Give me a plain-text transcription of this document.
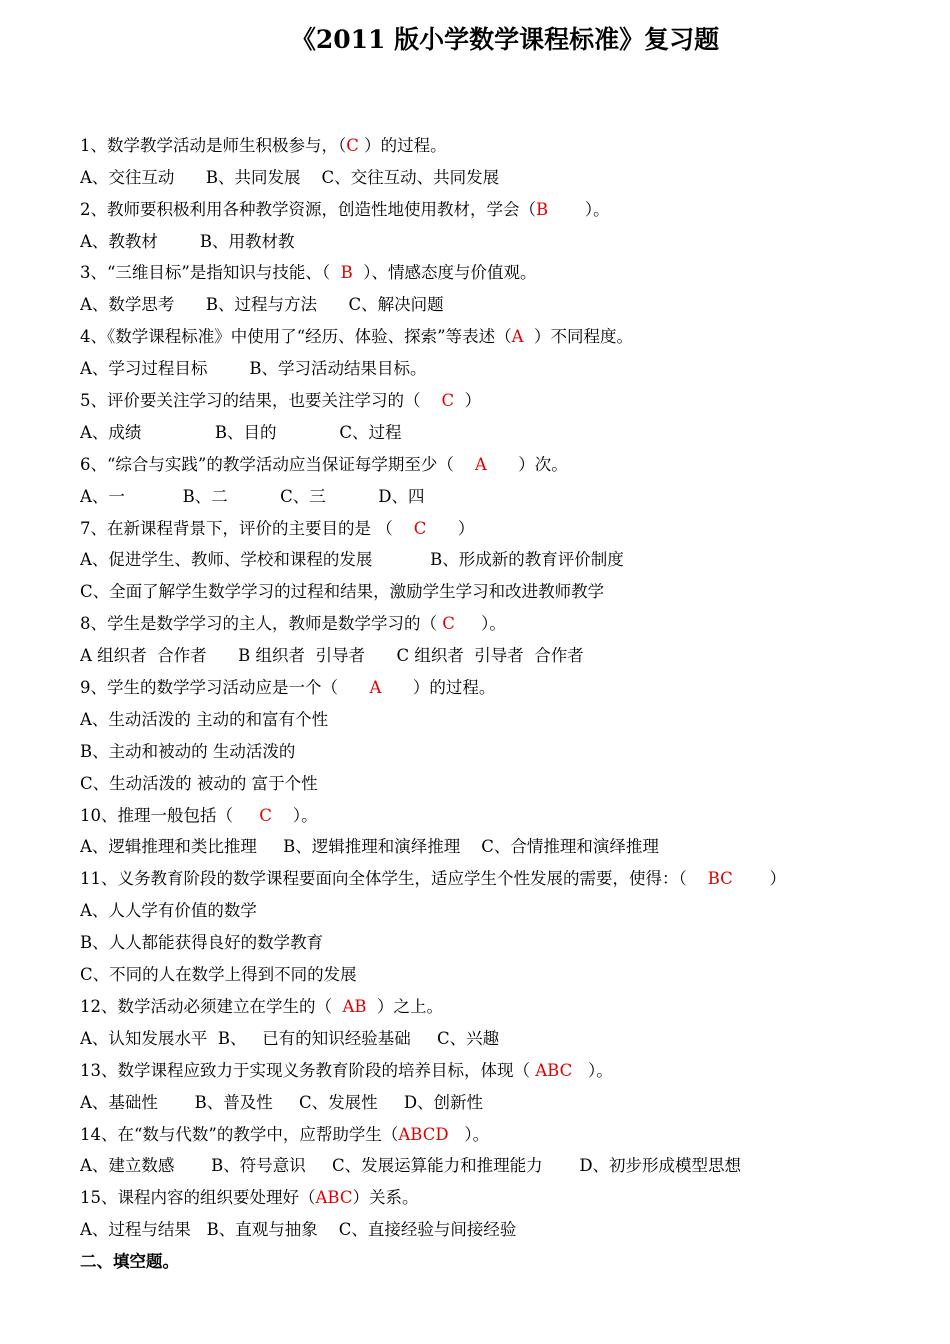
《2011 版小学数学课程标准》复习题

1、数学教学活动是师生积极参与，（C ）的过程。
A、交往互动      B、共同发展    C、交往互动、共同发展
2、教师要积极利用各种教学资源，创造性地使用教材，学会（B       ）。
A、教教材        B、用教材教
3、“三维目标”是指知识与技能、（  B  ）、情感态度与价值观。
A、数学思考      B、过程与方法      C、解决问题
4、《数学课程标准》中使用了“经历、体验、探索”等表述（A  ）不同程度。
A、学习过程目标        B、学习活动结果目标。
5、评价要关注学习的结果，也要关注学习的（    C  ）
A、成绩              B、目的            C、过程
6、“综合与实践”的教学活动应当保证每学期至少（    A      ）次。
A、一           B、二          C、三          D、四
7、在新课程背景下，评价的主要目的是 （    C      ）
A、促进学生、教师、学校和课程的发展           B、形成新的教育评价制度
C、全面了解学生数学学习的过程和结果，激励学生学习和改进教师教学
8、学生是数学学习的主人，教师是数学学习的（ C     ）。
A 组织者  合作者      B 组织者  引导者      C 组织者  引导者  合作者
9、学生的数学学习活动应是一个（      A      ）的过程。
A、生动活泼的 主动的和富有个性
B、主动和被动的 生动活泼的
C、生动活泼的 被动的 富于个性
10、推理一般包括（     C    ）。
A、逻辑推理和类比推理     B、逻辑推理和演绎推理    C、合情推理和演绎推理
11、义务教育阶段的数学课程要面向全体学生，适应学生个性发展的需要，使得：（    BC       ）
A、人人学有价值的数学
B、人人都能获得良好的数学教育
C、不同的人在数学上得到不同的发展
12、数学活动必须建立在学生的（  AB  ）之上。
A、认知发展水平  B、   已有的知识经验基础     C、兴趣
13、数学课程应致力于实现义务教育阶段的培养目标，体现（ ABC   ）。
A、基础性       B、普及性     C、发展性     D、创新性
14、在“数与代数”的教学中，应帮助学生（ABCD   ）。
A、建立数感       B、符号意识     C、发展运算能力和推理能力       D、初步形成模型思想
15、课程内容的组织要处理好（ABC）关系。
A、过程与结果   B、直观与抽象    C、直接经验与间接经验
二、填空题。
